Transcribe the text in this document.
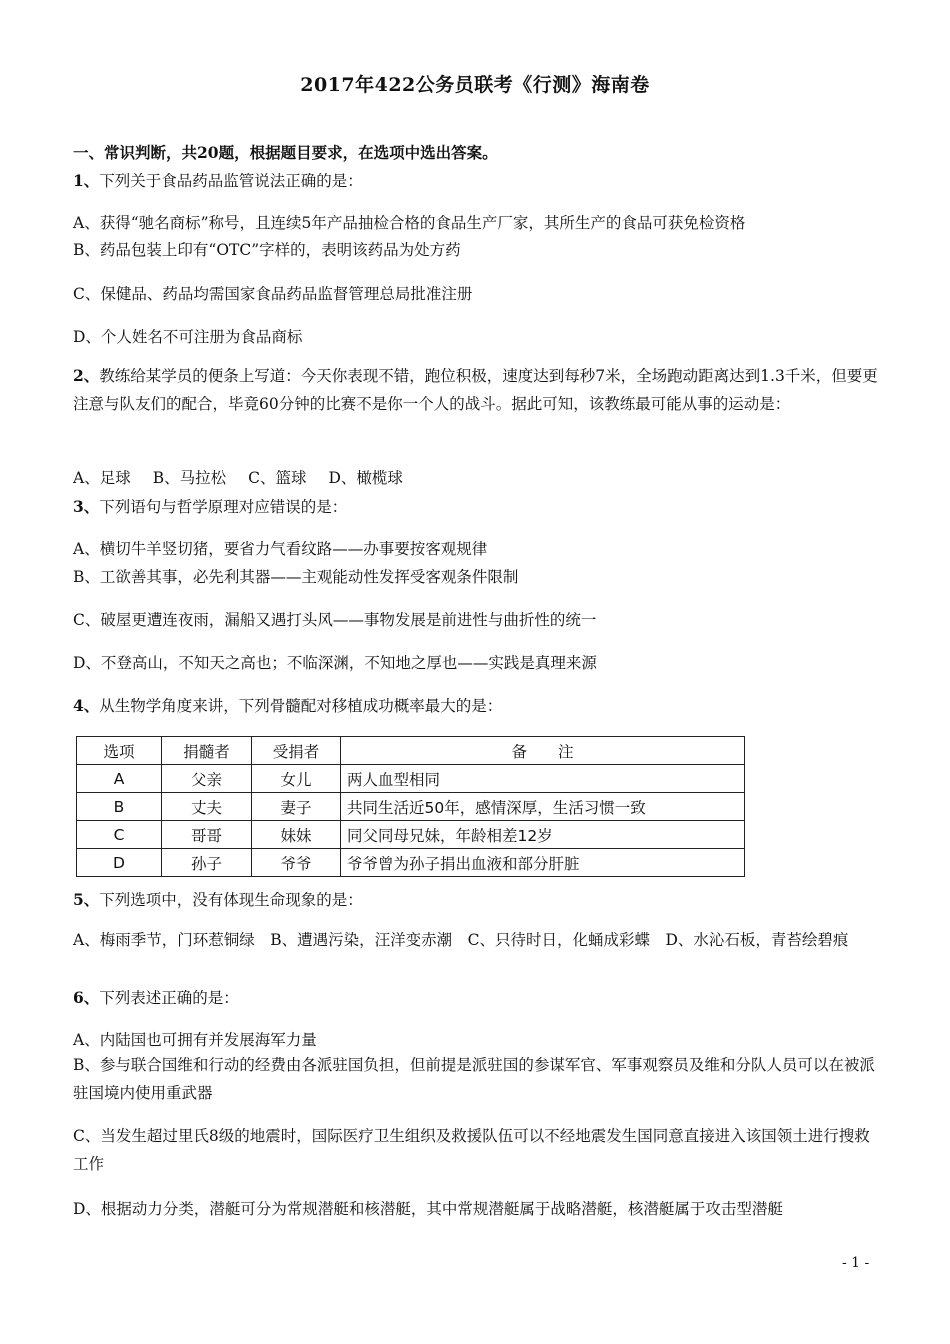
2017年422公务员联考《行测》海南卷
一、常识判断，共20题，根据题目要求，在选项中选出答案。
1、下列关于食品药品监管说法正确的是：
A、获得“驰名商标”称号，且连续5年产品抽检合格的食品生产厂家，其所生产的食品可获免检资格
B、药品包装上印有“OTC”字样的，表明该药品为处方药
C、保健品、药品均需国家食品药品监督管理总局批准注册
D、个人姓名不可注册为食品商标
2、教练给某学员的便条上写道：今天你表现不错，跑位积极，速度达到每秒7米，全场跑动距离达到1.3千米，但要更注意与队友们的配合，毕竟60分钟的比赛不是你一个人的战斗。据此可知，该教练最可能从事的运动是：
A、足球 B、马拉松 C、篮球 D、橄榄球
3、下列语句与哲学原理对应错误的是：
A、横切牛羊竖切猪，要省力气看纹路——办事要按客观规律
B、工欲善其事，必先利其器——主观能动性发挥受客观条件限制
C、破屋更遭连夜雨，漏船又遇打头风——事物发展是前进性与曲折性的统一
D、不登高山，不知天之高也；不临深渊，不知地之厚也——实践是真理来源
4、从生物学角度来讲，下列骨髓配对移植成功概率最大的是：
选项	捐髓者	受捐者	备　　注
A	父亲	女儿	两人血型相同
B	丈夫	妻子	共同生活近50年，感情深厚，生活习惯一致
C	哥哥	妹妹	同父同母兄妹，年龄相差12岁
D	孙子	爷爷	爷爷曾为孙子捐出血液和部分肝脏
5、下列选项中，没有体现生命现象的是：
A、梅雨季节，门环惹铜绿　B、遭遇污染，汪洋变赤潮　C、只待时日，化蛹成彩蝶　D、水沁石板，青苔绘碧痕
6、下列表述正确的是：
A、内陆国也可拥有并发展海军力量
B、参与联合国维和行动的经费由各派驻国负担，但前提是派驻国的参谋军官、军事观察员及维和分队人员可以在被派驻国境内使用重武器
C、当发生超过里氏8级的地震时，国际医疗卫生组织及救援队伍可以不经地震发生国同意直接进入该国领土进行搜救工作
D、根据动力分类，潜艇可分为常规潜艇和核潜艇，其中常规潜艇属于战略潜艇，核潜艇属于攻击型潜艇
- 1 -
